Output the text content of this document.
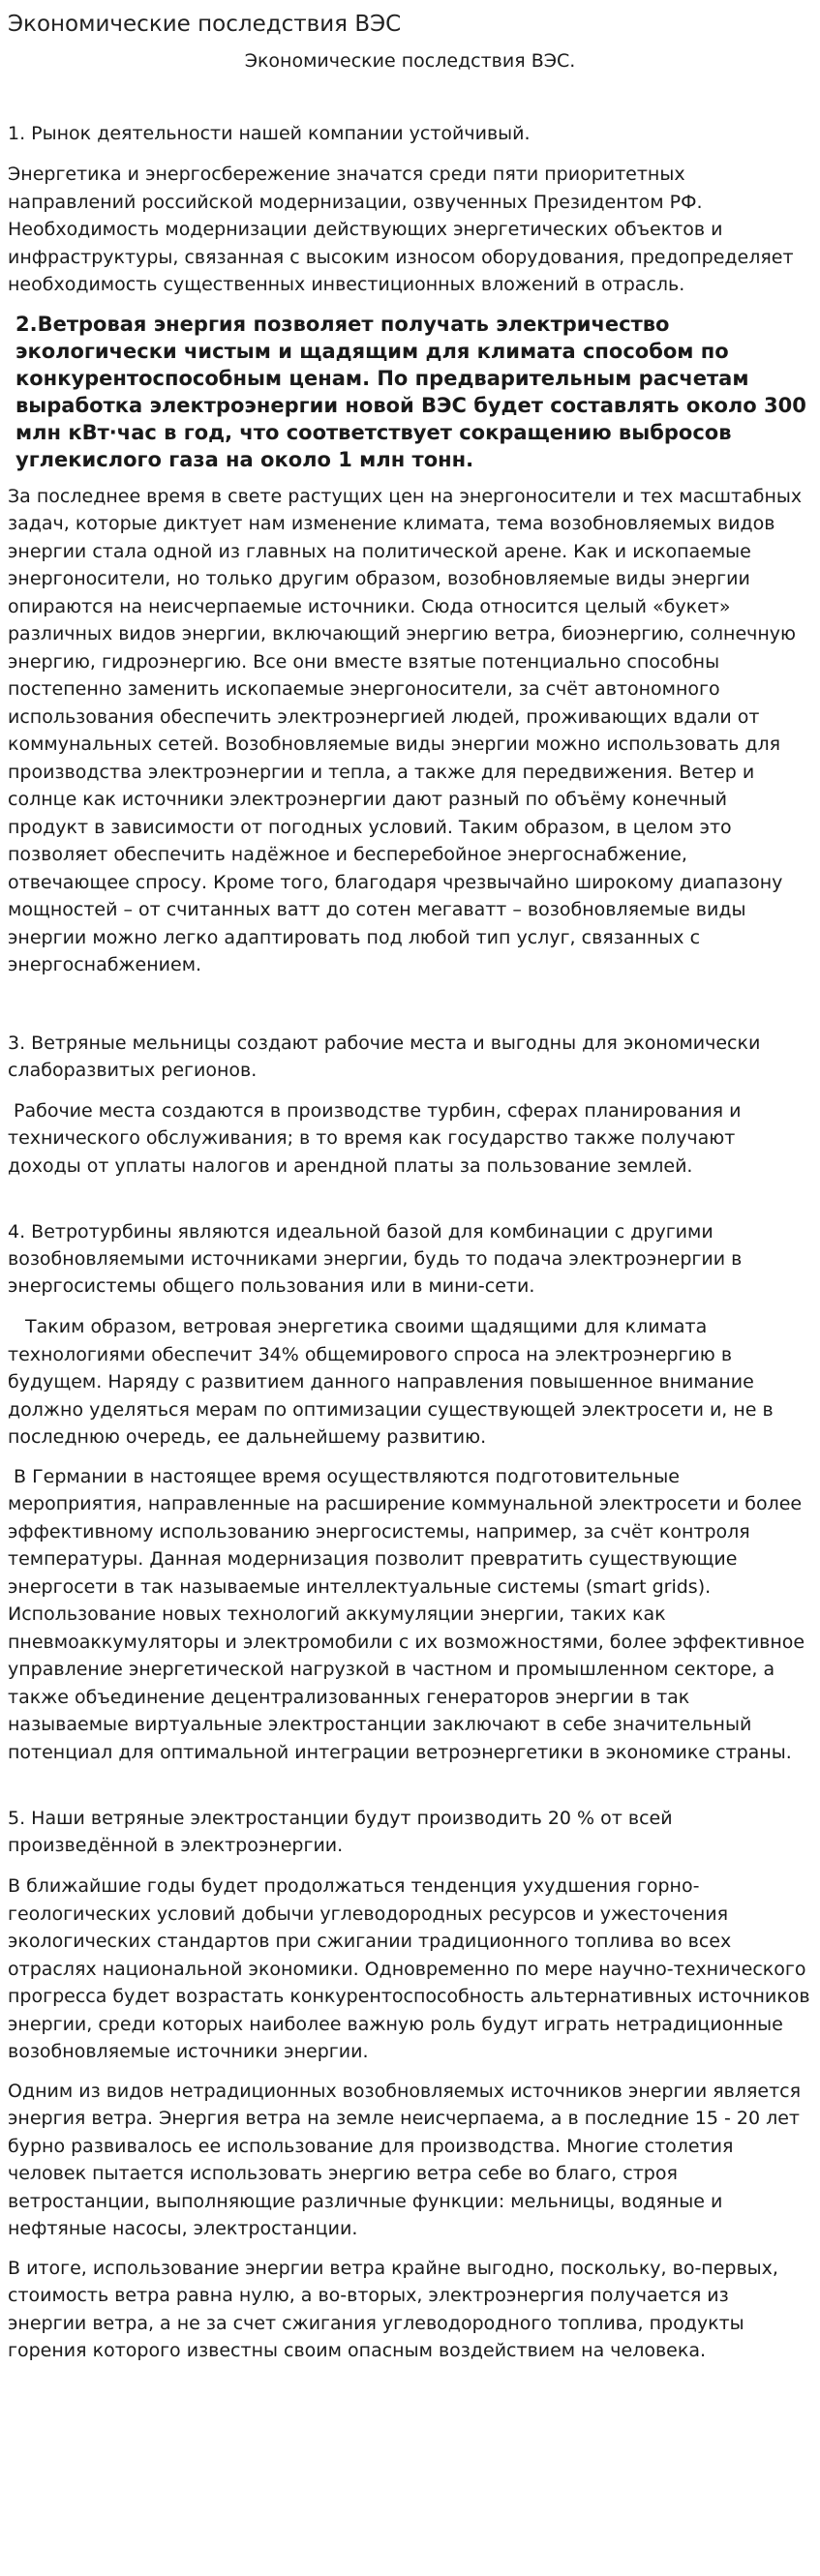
Экономические последствия ВЭС
Экономические последствия ВЭС.
1. Рынок деятельности нашей компании устойчивый.

Энергетика и энергосбережение значатся среди пяти приоритетных направлений российской модернизации, озвученных Президентом РФ. Необходимость модернизации действующих энергетических объектов и инфраструктуры, связанная с высоким износом оборудования, предопределяет необходимость существенных инвестиционных вложений в отрасль.

2.Ветровая энергия позволяет получать электричество экологически чистым и щадящим для климата способом по конкурентоспособным ценам. По предварительным расчетам выработка электроэнергии новой ВЭС будет составлять около 300 млн кВт·час в год, что соответствует сокращению выбросов углекислого газа на около 1 млн тонн.

За последнее время в свете растущих цен на энергоносители и тех масштабных задач, которые диктует нам изменение климата, тема возобновляемых видов энергии стала одной из главных на политической арене. Как и ископаемые энергоносители, но только другим образом, возобновляемые виды энергии опираются на неисчерпаемые источники. Сюда относится целый «букет» различных видов энергии, включающий энергию ветра, биоэнергию, солнечную энергию, гидроэнергию. Все они вместе взятые потенциально способны постепенно заменить ископаемые энергоносители, за счёт автономного использования обеспечить электроэнергией людей, проживающих вдали от коммунальных сетей. Возобновляемые виды энергии можно использовать для производства электроэнергии и тепла, а также для передвижения. Ветер и солнце как источники электроэнергии дают разный по объёму конечный продукт в зависимости от погодных условий. Таким образом, в целом это позволяет обеспечить надёжное и бесперебойное энергоснабжение, отвечающее спросу. Кроме того, благодаря чрезвычайно широкому диапазону мощностей – от считанных ватт до сотен мегаватт – возобновляемые виды энергии можно легко адаптировать под любой тип услуг, связанных с энергоснабжением.

3. Ветряные мельницы создают рабочие места и выгодны для экономически слаборазвитых регионов.

Рабочие места создаются в производстве турбин, сферах планирования и технического обслуживания; в то время как государство также получают доходы от уплаты налогов и арендной платы за пользование землей.

4. Ветротурбины являются идеальной базой для комбинации с другими возобновляемыми источниками энергии, будь то подача электроэнергии в энергосистемы общего пользования или в мини-сети.

Таким образом, ветровая энергетика своими щадящими для климата технологиями обеспечит 34% общемирового спроса на электроэнергию в будущем. Наряду с развитием данного направления повышенное внимание должно уделяться мерам по оптимизации существующей электросети и, не в последнюю очередь, ее дальнейшему развитию.

В Германии в настоящее время осуществляются подготовительные мероприятия, направленные на расширение коммунальной электросети и более эффективному использованию энергосистемы, например, за счёт контроля температуры. Данная модернизация позволит превратить существующие энергосети в так называемые интеллектуальные системы (smart grids). Использование новых технологий аккумуляции энергии, таких как пневмоаккумуляторы и электромобили с их возможностями, более эффективное управление энергетической нагрузкой в частном и промышленном секторе, а также объединение децентрализованных генераторов энергии в так называемые виртуальные электростанции заключают в себе значительный потенциал для оптимальной интеграции ветроэнергетики в экономике страны.

5. Наши ветряные электростанции будут производить 20 % от всей произведённой в электроэнергии.

В ближайшие годы будет продолжаться тенденция ухудшения горно-геологических условий добычи углеводородных ресурсов и ужесточения экологических стандартов при сжигании традиционного топлива во всех отраслях национальной экономики. Одновременно по мере научно-технического прогресса будет возрастать конкурентоспособность альтернативных источников энергии, среди которых наиболее важную роль будут играть нетрадиционные возобновляемые источники энергии.

Одним из видов нетрадиционных возобновляемых источников энергии является энергия ветра. Энергия ветра на земле неисчерпаема, а в последние 15 - 20 лет бурно развивалось ее использование для производства. Многие столетия человек пытается использовать энергию ветра себе во благо, строя ветростанции, выполняющие различные функции: мельницы, водяные и нефтяные насосы, электростанции.

В итоге, использование энергии ветра крайне выгодно, поскольку, во-первых, стоимость ветра равна нулю, а во-вторых, электроэнергия получается из энергии ветра, а не за счет сжигания углеводородного топлива, продукты горения которого известны своим опасным воздействием на человека.
